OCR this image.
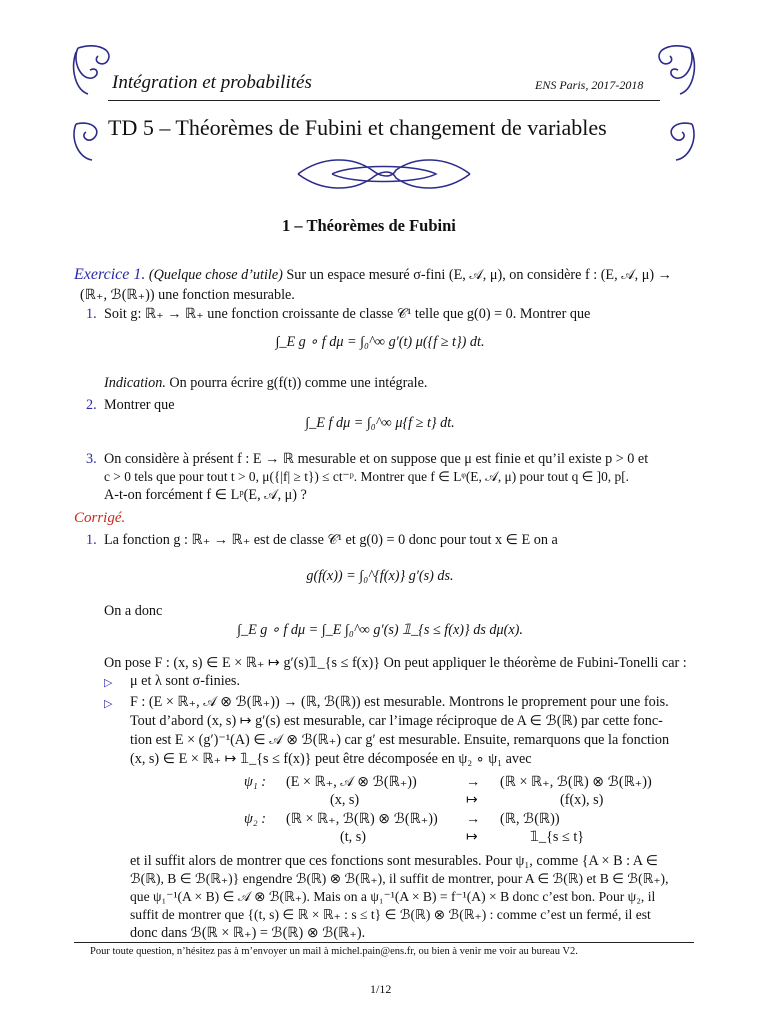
Intégration et probabilités	ENS Paris, 2017-2018
TD 5 – Théorèmes de Fubini et changement de variables
1 – Théorèmes de Fubini
Exercice 1. (Quelque chose d’utile) Sur un espace mesuré σ-fini (E, 𝒜, μ), on considère f : (E, 𝒜, μ) →
(ℝ₊, ℬ(ℝ₊)) une fonction mesurable.
1. Soit g: ℝ₊ → ℝ₊ une fonction croissante de classe 𝒞¹ telle que g(0) = 0. Montrer que
∫_E g ∘ f dμ = ∫₀^∞ g′(t) μ({f ≥ t}) dt.
Indication. On pourra écrire g(f(t)) comme une intégrale.
2. Montrer que
∫_E f dμ = ∫₀^∞ μ{f ≥ t} dt.
3. On considère à présent f : E → ℝ mesurable et on suppose que μ est finie et qu’il existe p > 0 et
c > 0 tels que pour tout t > 0, μ({|f| ≥ t}) ≤ ct⁻ᵖ. Montrer que f ∈ Lᵠ(E, 𝒜, μ) pour tout q ∈ ]0, p[.
A-t-on forcément f ∈ Lᵖ(E, 𝒜, μ) ?
Corrigé.
1. La fonction g : ℝ₊ → ℝ₊ est de classe 𝒞¹ et g(0) = 0 donc pour tout x ∈ E on a
g(f(x)) = ∫₀^{f(x)} g′(s) ds.
On a donc
∫_E g ∘ f dμ = ∫_E ∫₀^∞ g′(s) 𝟙_{s ≤ f(x)} ds dμ(x).
On pose F : (x, s) ∈ E × ℝ₊ ↦ g′(s)𝟙_{s ≤ f(x)} On peut appliquer le théorème de Fubini-Tonelli car :
▷ μ et λ sont σ-finies.
▷ F : (E × ℝ₊, 𝒜 ⊗ ℬ(ℝ₊)) → (ℝ, ℬ(ℝ)) est mesurable. Montrons le proprement pour une fois.
Tout d’abord (x, s) ↦ g′(s) est mesurable, car l’image réciproque de A ∈ ℬ(ℝ) par cette fonc-
tion est E × (g′)⁻¹(A) ∈ 𝒜 ⊗ ℬ(ℝ₊) car g′ est mesurable. Ensuite, remarquons que la fonction
(x, s) ∈ E × ℝ₊ ↦ 𝟙_{s ≤ f(x)} peut être décomposée en ψ₂ ∘ ψ₁ avec
ψ₁ : (E × ℝ₊, 𝒜 ⊗ ℬ(ℝ₊))	→ (ℝ × ℝ₊, ℬ(ℝ) ⊗ ℬ(ℝ₊))
(x, s)	↦	(f(x), s)
ψ₂ : (ℝ × ℝ₊, ℬ(ℝ) ⊗ ℬ(ℝ₊)) → (ℝ, ℬ(ℝ))
(t, s)	↦	𝟙_{s ≤ t}
et il suffit alors de montrer que ces fonctions sont mesurables. Pour ψ₁, comme {A × B : A ∈
ℬ(ℝ), B ∈ ℬ(ℝ₊)} engendre ℬ(ℝ) ⊗ ℬ(ℝ₊), il suffit de montrer, pour A ∈ ℬ(ℝ) et B ∈ ℬ(ℝ₊),
que ψ₁⁻¹(A × B) ∈ 𝒜 ⊗ ℬ(ℝ₊). Mais on a ψ₁⁻¹(A × B) = f⁻¹(A) × B donc c’est bon. Pour ψ₂, il
suffit de montrer que {(t, s) ∈ ℝ × ℝ₊ : s ≤ t} ∈ ℬ(ℝ) ⊗ ℬ(ℝ₊) : comme c’est un fermé, il est
donc dans ℬ(ℝ × ℝ₊) = ℬ(ℝ) ⊗ ℬ(ℝ₊).
Pour toute question, n’hésitez pas à m’envoyer un mail à michel.pain@ens.fr, ou bien à venir me voir au bureau V2.
1/12
